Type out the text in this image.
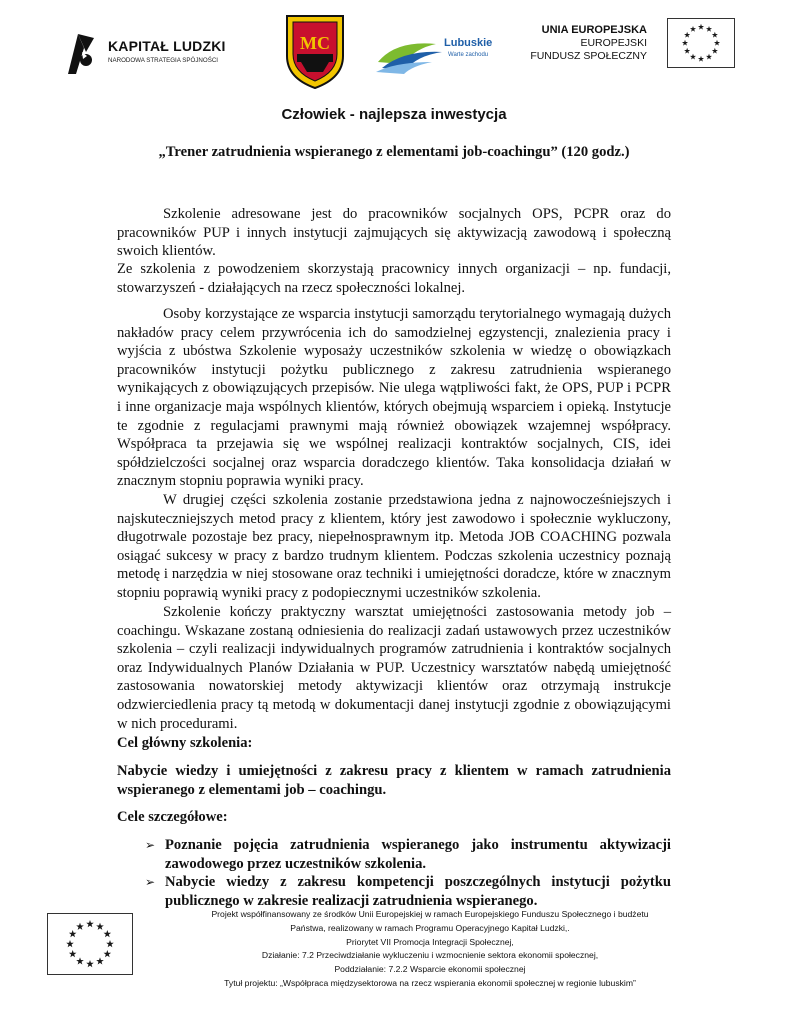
KAPITAŁ LUDZKI
NARODOWA STRATEGIA SPÓJNOŚCI
MC	Lubuskie
Warte zachodu
UNIA EUROPEJSKA
EUROPEJSKI
FUNDUSZ SPOŁECZNY
Człowiek - najlepsza inwestycja
„Trener zatrudnienia wspieranego z elementami job-coachingu” (120 godz.)

Szkolenie adresowane jest do pracowników socjalnych OPS, PCPR oraz do pracowników PUP i innych instytucji zajmujących się aktywizacją zawodową i społeczną swoich klientów.

Ze szkolenia z powodzeniem skorzystają pracownicy innych organizacji – np. fundacji, stowarzyszeń - działających na rzecz społeczności lokalnej.

Osoby korzystające ze wsparcia instytucji samorządu terytorialnego wymagają dużych nakładów pracy celem przywrócenia ich do samodzielnej egzystencji, znalezienia pracy i wyjścia z ubóstwa Szkolenie wyposaży uczestników szkolenia w wiedzę o obowiązkach pracowników instytucji pożytku publicznego z zakresu zatrudnienia wspieranego wynikających z obowiązujących przepisów. Nie ulega wątpliwości fakt, że OPS, PUP i PCPR i inne organizacje maja wspólnych klientów, których obejmują wsparciem i opieką. Instytucje te zgodnie z regulacjami prawnymi mają również obowiązek wzajemnej współpracy. Współpraca ta przejawia się we wspólnej realizacji kontraktów socjalnych, CIS, idei spółdzielczości socjalnej oraz wsparcia doradczego klientów. Taka konsolidacja działań w znacznym stopniu poprawia wyniki pracy.

W drugiej części szkolenia zostanie przedstawiona jedna z najnowocześniejszych i najskuteczniejszych metod pracy z klientem, który jest zawodowo i społecznie wykluczony, długotrwale pozostaje bez pracy, niepełnosprawnym itp. Metoda JOB COACHING pozwala osiągać sukcesy w pracy z bardzo trudnym klientem. Podczas szkolenia uczestnicy poznają metodę i narzędzia w niej stosowane oraz techniki i umiejętności doradcze, które w znacznym stopniu poprawią wyniki pracy z podopiecznymi uczestników szkolenia.

Szkolenie kończy praktyczny warsztat umiejętności zastosowania metody job – coachingu. Wskazane zostaną odniesienia do realizacji zadań ustawowych przez uczestników szkolenia – czyli realizacji indywidualnych programów zatrudnienia i kontraktów socjalnych oraz Indywidualnych Planów Działania w PUP. Uczestnicy warsztatów nabędą umiejętność zastosowania nowatorskiej metody aktywizacji klientów oraz otrzymają instrukcje odzwierciedlenia pracy tą metodą w dokumentacji danej instytucji zgodnie z obowiązującymi w nich procedurami.

Cel główny szkolenia:

Nabycie wiedzy i umiejętności z zakresu pracy z klientem w ramach zatrudnienia wspieranego z elementami job – coachingu.

Cele szczegółowe:

➢ Poznanie pojęcia zatrudnienia wspieranego jako instrumentu aktywizacji zawodowego przez uczestników szkolenia.
➢ Nabycie wiedzy z zakresu kompetencji poszczególnych instytucji pożytku publicznego w zakresie realizacji zatrudnienia wspieranego.
Projekt współfinansowany ze środków Unii Europejskiej w ramach Europejskiego Funduszu Społecznego i budżetu
Państwa, realizowany w ramach Programu Operacyjnego Kapitał Ludzki,.
Priorytet VII Promocja Integracji Społecznej,
Działanie: 7.2 Przeciwdziałanie wykluczeniu i wzmocnienie sektora ekonomii społecznej,
Poddziałanie: 7.2.2 Wsparcie ekonomii społecznej
Tytuł projektu: „Współpraca międzysektorowa na rzecz wspierania ekonomii społecznej w regionie lubuskim”
